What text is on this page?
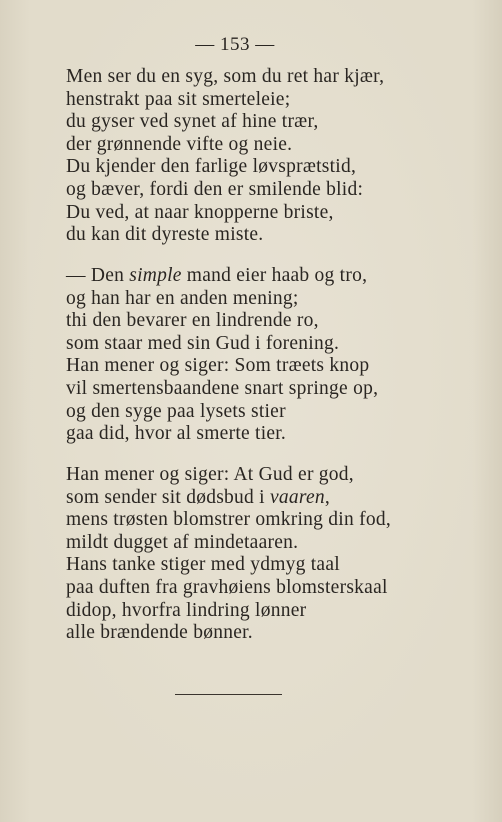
— 153 —
Men ser du en syg, som du ret har kjær,
henstrakt paa sit smerteleie;
du gyser ved synet af hine trær,
der grønnende vifte og neie.
Du kjender den farlige løvsprætstid,
og bæver, fordi den er smilende blid:
Du ved, at naar knopperne briste,
du kan dit dyreste miste.
— Den simple mand eier haab og tro,
og han har en anden mening;
thi den bevarer en lindrende ro,
som staar med sin Gud i forening.
Han mener og siger: Som træets knop
vil smertensbaandene snart springe op,
og den syge paa lysets stier
gaa did, hvor al smerte tier.
Han mener og siger: At Gud er god,
som sender sit dødsbud i vaaren,
mens trøsten blomstrer omkring din fod,
mildt dugget af mindetaaren.
Hans tanke stiger med ydmyg taal
paa duften fra gravhøiens blomsterskaal
didop, hvorfra lindring lønner
alle brændende bønner.
